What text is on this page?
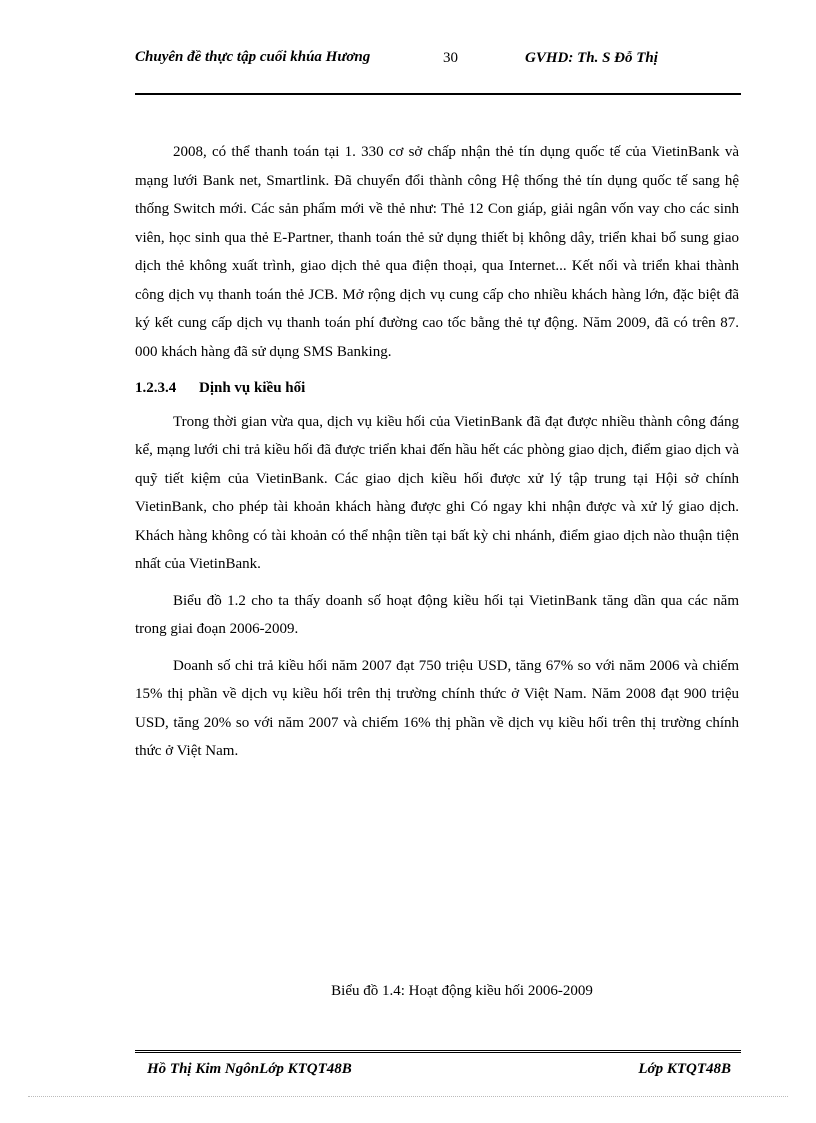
Chuyên đề thực tập cuối khúa Hương	30	GVHD: Th. S Đỗ Thị

2008, có thể thanh toán tại 1. 330 cơ sở chấp nhận thẻ tín dụng quốc tế của VietinBank và mạng lưới Bank net, Smartlink. Đã chuyển đổi thành công Hệ thống thẻ tín dụng quốc tế sang hệ thống Switch mới. Các sản phẩm mới về thẻ như: Thẻ 12 Con giáp, giải ngân vốn vay cho các sinh viên, học sinh qua thẻ E-Partner, thanh toán thẻ sử dụng thiết bị không dây, triển khai bổ sung giao dịch thẻ không xuất trình, giao dịch thẻ qua điện thoại, qua Internet... Kết nối và triển khai thành công dịch vụ thanh toán thẻ JCB. Mở rộng dịch vụ cung cấp cho nhiều khách hàng lớn, đặc biệt đã ký kết cung cấp dịch vụ thanh toán phí đường cao tốc bằng thẻ tự động. Năm 2009, đã có trên 87. 000 khách hàng đã sử dụng SMS Banking.

1.2.3.4 Dịnh vụ kiều hối

Trong thời gian vừa qua, dịch vụ kiều hối của VietinBank đã đạt được nhiều thành công đáng kể, mạng lưới chi trả kiều hối đã được triển khai đến hầu hết các phòng giao dịch, điểm giao dịch và quỹ tiết kiệm của VietinBank. Các giao dịch kiều hối được xử lý tập trung tại Hội sở chính VietinBank, cho phép tài khoản khách hàng được ghi Có ngay khi nhận được và xử lý giao dịch. Khách hàng không có tài khoản có thể nhận tiền tại bất kỳ chi nhánh, điểm giao dịch nào thuận tiện nhất của VietinBank.

Biểu đồ 1.2 cho ta thấy doanh số hoạt động kiều hối tại VietinBank tăng dần qua các năm trong giai đoạn 2006-2009.

Doanh số chi trả kiều hối năm 2007 đạt 750 triệu USD, tăng 67% so với năm 2006 và chiếm 15% thị phần về dịch vụ kiều hối trên thị trường chính thức ở Việt Nam. Năm 2008 đạt 900 triệu USD, tăng 20% so với năm 2007 và chiếm 16% thị phần về dịch vụ kiều hối trên thị trường chính thức ở Việt Nam.

Biểu đồ 1.4: Hoạt động kiều hối 2006-2009
Hồ Thị Kim NgônLớp KTQT48B	Lớp KTQT48B
